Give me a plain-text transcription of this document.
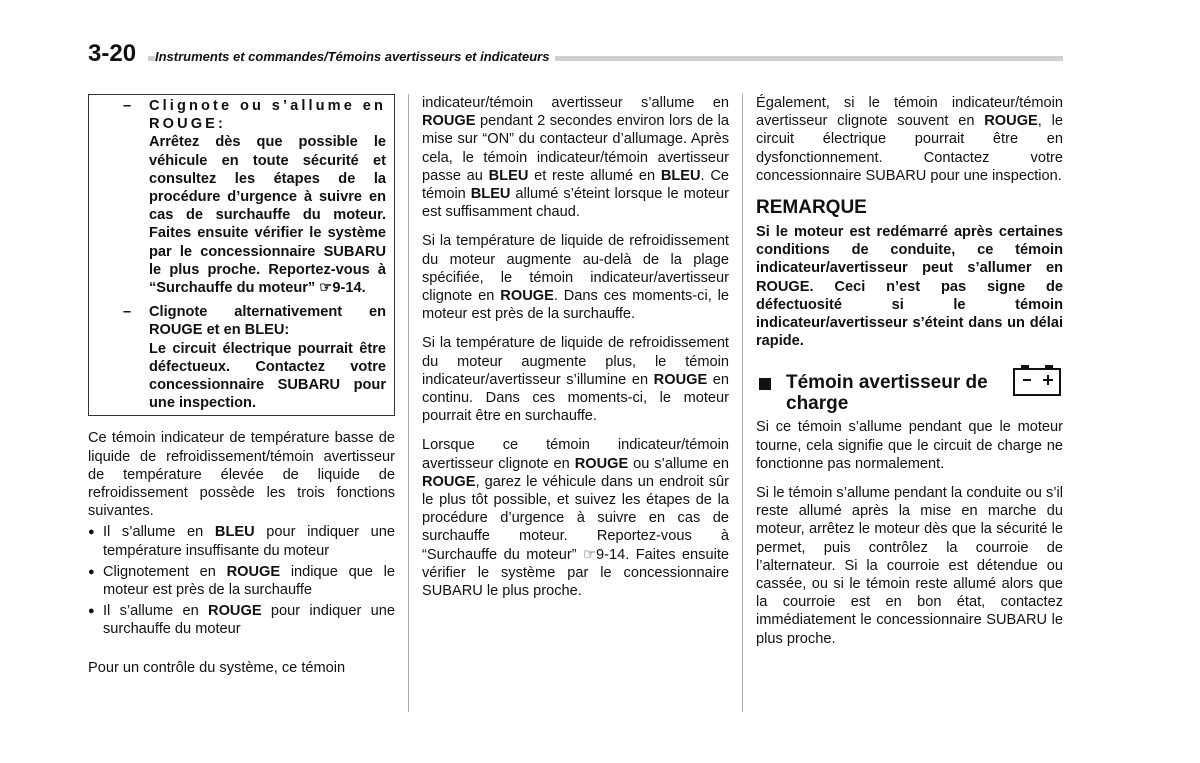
3-20 Instruments et commandes/Témoins avertisseurs et indicateurs
–	Clignote ou s’allume en ROUGE:
Arrêtez dès que possible le véhicule en toute sécurité et consultez les étapes de la procédure d’urgence à suivre en cas de surchauffe du moteur. Faites ensuite vérifier le système par le concessionnaire SUBARU le plus proche. Reportez-vous à “Surchauffe du moteur” ☞9-14.
–	Clignote alternativement en ROUGE et en BLEU:
Le circuit électrique pourrait être défectueux. Contactez votre concessionnaire SUBARU pour une inspection.

Ce témoin indicateur de température basse de liquide de refroidissement/témoin avertisseur de température élevée de liquide de refroidissement possède les trois fonctions suivantes.

● Il s’allume en BLEU pour indiquer une température insuffisante du moteur
● Clignotement en ROUGE indique que le moteur est près de la surchauffe
● Il s’allume en ROUGE pour indiquer une surchauffe du moteur

Pour un contrôle du système, ce témoin

indicateur/témoin avertisseur s’allume en ROUGE pendant 2 secondes environ lors de la mise sur “ON” du contacteur d’allumage. Après cela, le témoin indicateur/témoin avertisseur passe au BLEU et reste allumé en BLEU. Ce témoin BLEU allumé s’éteint lorsque le moteur est suffisamment chaud.

Si la température de liquide de refroidissement du moteur augmente au-delà de la plage spécifiée, le témoin indicateur/avertisseur clignote en ROUGE. Dans ces moments-ci, le moteur est près de la surchauffe.

Si la température de liquide de refroidissement du moteur augmente plus, le témoin indicateur/avertisseur s’illumine en ROUGE en continu. Dans ces moments-ci, le moteur pourrait être en surchauffe.

Lorsque ce témoin indicateur/témoin avertisseur clignote en ROUGE ou s’allume en ROUGE, garez le véhicule dans un endroit sûr le plus tôt possible, et suivez les étapes de la procédure d’urgence à suivre en cas de surchauffe moteur. Reportez-vous à “Surchauffe du moteur” ☞9-14. Faites ensuite vérifier le système par le concessionnaire SUBARU le plus proche.

Également, si le témoin indicateur/témoin avertisseur clignote souvent en ROUGE, le circuit électrique pourrait être en dysfonctionnement. Contactez votre concessionnaire SUBARU pour une inspection.

REMARQUE

Si le moteur est redémarré après certaines conditions de conduite, ce témoin indicateur/avertisseur peut s’allumer en ROUGE. Ceci n’est pas signe de défectuosité si le témoin indicateur/avertisseur s’éteint dans un délai rapide.

Témoin avertisseur de charge

Si ce témoin s’allume pendant que le moteur tourne, cela signifie que le circuit de charge ne fonctionne pas normalement.

Si le témoin s’allume pendant la conduite ou s’il reste allumé après la mise en marche du moteur, arrêtez le moteur dès que la sécurité le permet, puis contrôlez la courroie de l’alternateur. Si la courroie est détendue ou cassée, ou si le témoin reste allumé alors que la courroie est en bon état, contactez immédiatement le concessionnaire SUBARU le plus proche.
